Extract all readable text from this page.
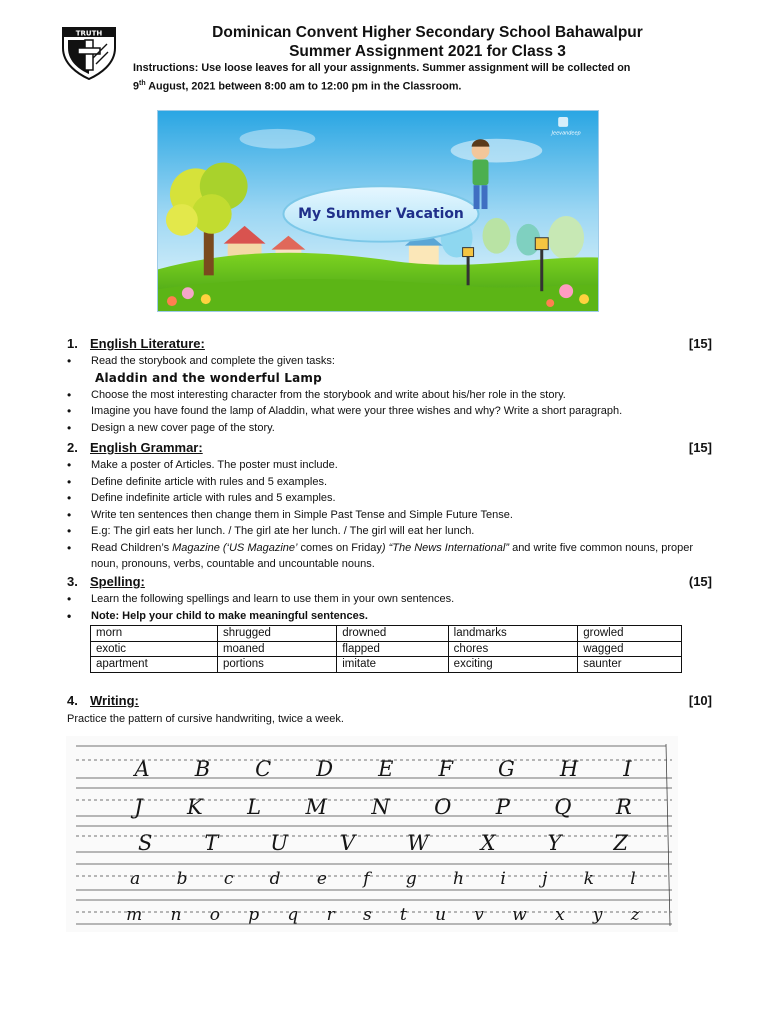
TRUTH	Dominican Convent Higher Secondary School Bahawalpur
Summer Assignment 2021 for Class 3
Instructions: Use loose leaves for all your assignments. Summer assignment will be collected on
9th August, 2021 between 8:00 am to 12:00 pm in the Classroom.
My Summer Vacation
Jeevandeep
1. English Literature:	[15]
• Read the storybook and complete the given tasks:
Aladdin and the wonderful Lamp
• Choose the most interesting character from the storybook and write about his/her role in the story.
• Imagine you have found the lamp of Aladdin, what were your three wishes and why? Write a short paragraph.
• Design a new cover page of the story.
2. English Grammar:	[15]
• Make a poster of Articles. The poster must include.
• Define definite article with rules and 5 examples.
• Define indefinite article with rules and 5 examples.
• Write ten sentences then change them in Simple Past Tense and Simple Future Tense.
• E.g: The girl eats her lunch. / The girl ate her lunch. / The girl will eat her lunch.
• Read Children’s Magazine (‘US Magazine’ comes on Friday) “The News International” and write five common nouns, proper noun, pronouns, verbs, countable and uncountable nouns.
3. Spelling:	(15]
• Learn the following spellings and learn to use them in your own sentences.
• Note: Help your child to make meaningful sentences.
morn	shrugged	drowned	landmarks	growled
exotic	moaned	flapped	chores	wagged
apartment	portions	imitate	exciting	saunter
4. Writing:	[10]
Practice the pattern of cursive handwriting, twice a week.
A B C D E F G H I
J K L M N O P Q R
S T U V W X Y Z
a b c d e f g h i j k l
m n o p q r s t u v w x y z
